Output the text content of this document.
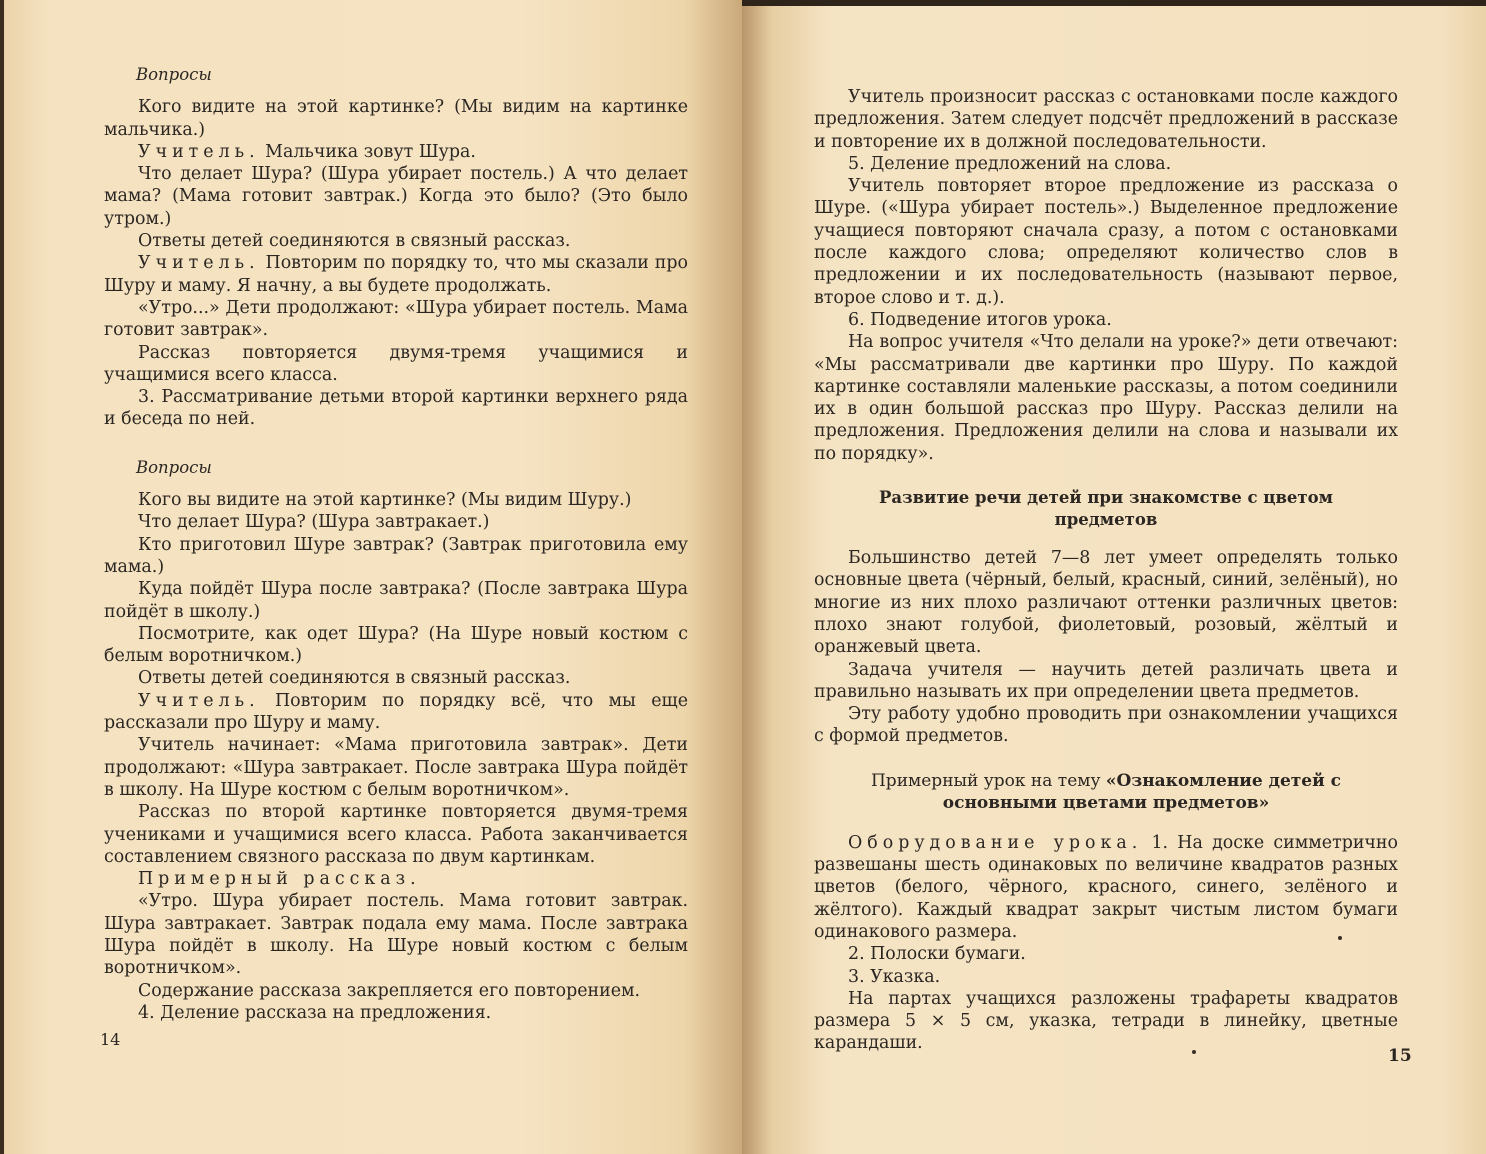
Вопросы

Кого видите на этой картинке? (Мы видим на картинке мальчика.)

Учитель. Мальчика зовут Шура.

Что делает Шура? (Шура убирает постель.) А что делает мама? (Мама готовит завтрак.) Когда это было? (Это было утром.)

Ответы детей соединяются в связный рассказ.

Учитель. Повторим по порядку то, что мы сказали про Шуру и маму. Я начну, а вы будете продолжать.

«Утро...» Дети продолжают: «Шура убирает постель. Мама готовит завтрак».

Рассказ повторяется двумя-тремя учащимися и учащимися всего класса.

3. Рассматривание детьми второй картинки верхнего ряда и беседа по ней.

Вопросы

Кого вы видите на этой картинке? (Мы видим Шуру.)

Что делает Шура? (Шура завтракает.)

Кто приготовил Шуре завтрак? (Завтрак приготовила ему мама.)

Куда пойдёт Шура после завтрака? (После завтрака Шура пойдёт в школу.)

Посмотрите, как одет Шура? (На Шуре новый костюм с белым воротничком.)

Ответы детей соединяются в связный рассказ.

Учитель. Повторим по порядку всё, что мы еще рассказали про Шуру и маму.

Учитель начинает: «Мама приготовила завтрак». Дети продолжают: «Шура завтракает. После завтрака Шура пойдёт в школу. На Шуре костюм с белым воротничком».

Рассказ по второй картинке повторяется двумя-тремя учениками и учащимися всего класса. Работа заканчивается составлением связного рассказа по двум картинкам.

Примерный рассказ.

«Утро. Шура убирает постель. Мама готовит завтрак. Шура завтракает. Завтрак подала ему мама. После завтрака Шура пойдёт в школу. На Шуре новый костюм с белым воротничком».

Содержание рассказа закрепляется его повторением.

4. Деление рассказа на предложения.

14

Учитель произносит рассказ с остановками после каждого предложения. Затем следует подсчёт предложений в рассказе и повторение их в должной последовательности.

5. Деление предложений на слова.

Учитель повторяет второе предложение из рассказа о Шуре. («Шура убирает постель».) Выделенное предложение учащиеся повторяют сначала сразу, а потом с остановками после каждого слова; определяют количество слов в предложении и их последовательность (называют первое, второе слово и т. д.).

6. Подведение итогов урока.

На вопрос учителя «Что делали на уроке?» дети отвечают: «Мы рассматривали две картинки про Шуру. По каждой картинке составляли маленькие рассказы, а потом соединили их в один большой рассказ про Шуру. Рассказ делили на предложения. Предложения делили на слова и называли их по порядку».

Развитие речи детей при знакомстве с цветом предметов

Большинство детей 7—8 лет умеет определять только основные цвета (чёрный, белый, красный, синий, зелёный), но многие из них плохо различают оттенки различных цветов: плохо знают голубой, фиолетовый, розовый, жёлтый и оранжевый цвета.

Задача учителя — научить детей различать цвета и правильно называть их при определении цвета предметов.

Эту работу удобно проводить при ознакомлении учащихся с формой предметов.

Примерный урок на тему «Ознакомление детей с основными цветами предметов»

Оборудование урока. 1. На доске симметрично развешаны шесть одинаковых по величине квадратов разных цветов (белого, чёрного, красного, синего, зелёного и жёлтого). Каждый квадрат закрыт чистым листом бумаги одинакового размера.

2. Полоски бумаги.

3. Указка.

На партах учащихся разложены трафареты квадратов размера 5 × 5 см, указка, тетради в линейку, цветные карандаши.

15
